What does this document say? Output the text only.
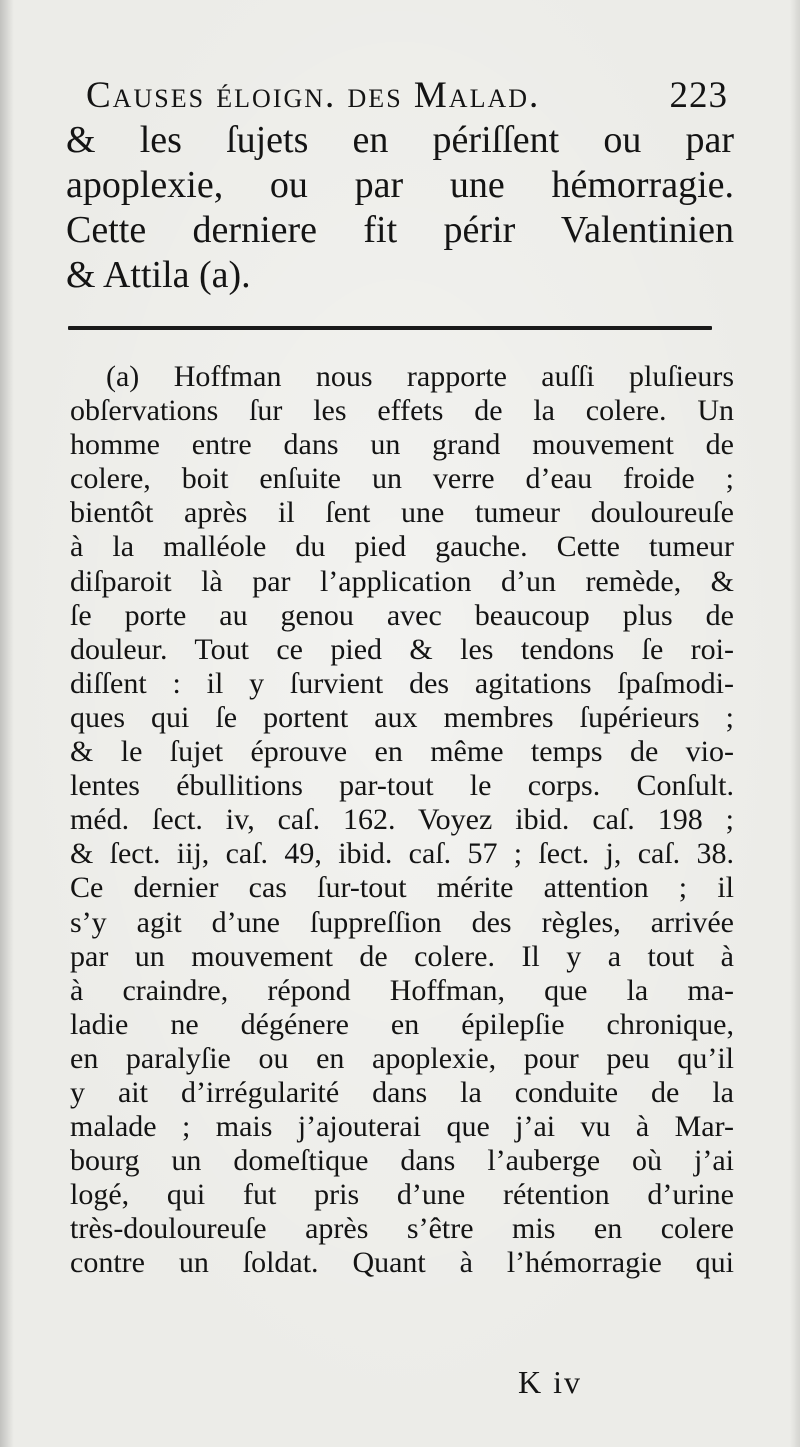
Causes éloign. des Malad.	223
& les ſujets en périſſent ou par
apoplexie, ou par une hémorragie.
Cette derniere fit périr Valentinien
& Attila (a).
(a) Hoffman nous rapporte auſſi pluſieurs
obſervations ſur les effets de la colere. Un
homme entre dans un grand mouvement de
colere, boit enſuite un verre d’eau froide ;
bientôt après il ſent une tumeur douloureuſe
à la malléole du pied gauche. Cette tumeur
diſparoit là par l’application d’un remède, &
ſe porte au genou avec beaucoup plus de
douleur. Tout ce pied & les tendons ſe roi-
diſſent : il y ſurvient des agitations ſpaſmodi-
ques qui ſe portent aux membres ſupérieurs ;
& le ſujet éprouve en même temps de vio-
lentes ébullitions par-tout le corps. Conſult.
méd. ſect. iv, caſ. 162. Voyez ibid. caſ. 198 ;
& ſect. iij, caſ. 49, ibid. caſ. 57 ; ſect. j, caſ. 38.
Ce dernier cas ſur-tout mérite attention ; il
s’y agit d’une ſuppreſſion des règles, arrivée
par un mouvement de colere. Il y a tout à
à craindre, répond Hoffman, que la ma-
ladie ne dégénere en épilepſie chronique,
en paralyſie ou en apoplexie, pour peu qu’il
y ait d’irrégularité dans la conduite de la
malade ; mais j’ajouterai que j’ai vu à Mar-
bourg un domeſtique dans l’auberge où j’ai
logé, qui fut pris d’une rétention d’urine
très-douloureuſe après s’être mis en colere
contre un ſoldat. Quant à l’hémorragie qui
K iv
